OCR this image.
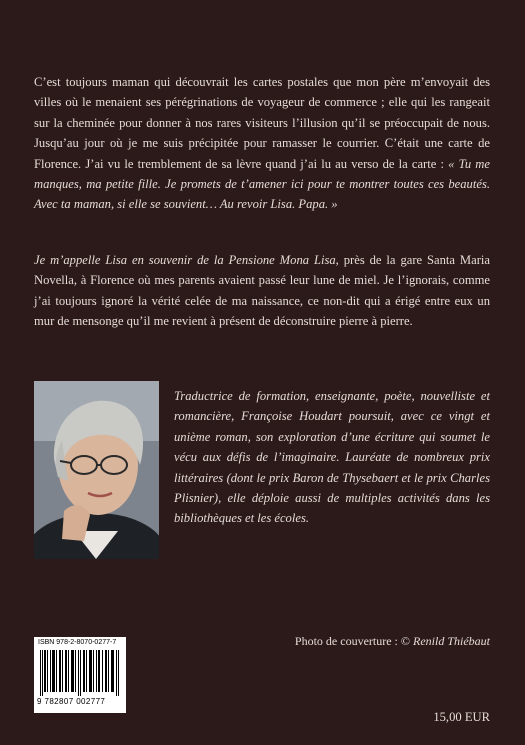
C’est toujours maman qui découvrait les cartes postales que mon père m’envoyait des villes où le menaient ses pérégrinations de voyageur de commerce ; elle qui les rangeait sur la cheminée pour donner à nos rares visiteurs l’illusion qu’il se préoccupait de nous. Jusqu’au jour où je me suis précipitée pour ramasser le courrier. C’était une carte de Florence. J’ai vu le tremblement de sa lèvre quand j’ai lu au verso de la carte : « Tu me manques, ma petite fille. Je promets de t’amener ici pour te montrer toutes ces beautés. Avec ta maman, si elle se souvient… Au revoir Lisa. Papa. »

Je m’appelle Lisa en souvenir de la Pensione Mona Lisa, près de la gare Santa Maria Novella, à Florence où mes parents avaient passé leur lune de miel. Je l’ignorais, comme j’ai toujours ignoré la vérité celée de ma naissance, ce non-dit qui a érigé entre eux un mur de mensonge qu’il me revient à présent de déconstruire pierre à pierre.

Traductrice de formation, enseignante, poète, nouvelliste et romancière, Françoise Houdart poursuit, avec ce vingt et unième roman, son exploration d’une écriture qui soumet le vécu aux défis de l’imaginaire. Lauréate de nombreux prix littéraires (dont le prix Baron de Thysebaert et le prix Charles Plisnier), elle déploie aussi de multiples activités dans les bibliothèques et les écoles.

Photo de couverture : © Renild Thiébaut
ISBN 978-2-8070-0277-7
9 782807 002777
15,00 EUR
